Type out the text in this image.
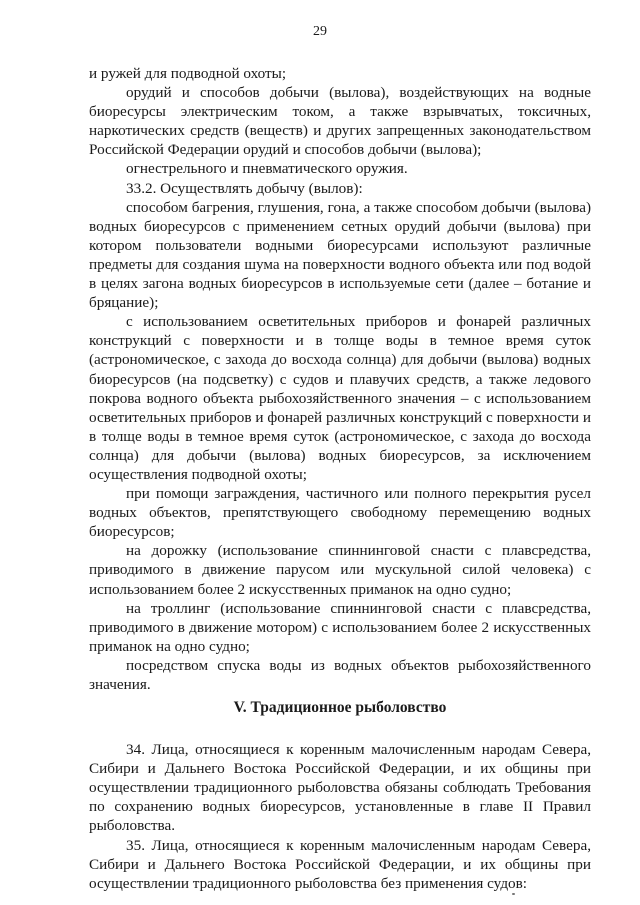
29

и ружей для подводной охоты;

орудий и способов добычи (вылова), воздействующих на водные биоресурсы электрическим током, а также взрывчатых, токсичных, наркотических средств (веществ) и других запрещенных законодательством Российской Федерации орудий и способов добычи (вылова);

огнестрельного и пневматического оружия.

33.2. Осуществлять добычу (вылов):

способом багрения, глушения, гона, а также способом добычи (вылова) водных биоресурсов с применением сетных орудий добычи (вылова) при котором пользователи водными биоресурсами используют различные предметы для создания шума на поверхности водного объекта или под водой в целях загона водных биоресурсов в используемые сети (далее – ботание и бряцание);

с использованием осветительных приборов и фонарей различных конструкций с поверхности и в толще воды в темное время суток (астрономическое, с захода до восхода солнца) для добычи (вылова) водных биоресурсов (на подсветку) с судов и плавучих средств, а также ледового покрова водного объекта рыбохозяйственного значения – с использованием осветительных приборов и фонарей различных конструкций с поверхности и в толще воды в темное время суток (астрономическое, с захода до восхода солнца) для добычи (вылова) водных биоресурсов, за исключением осуществления подводной охоты;

при помощи заграждения, частичного или полного перекрытия русел водных объектов, препятствующего свободному перемещению водных биоресурсов;

на дорожку (использование спиннинговой снасти с плавсредства, приводимого в движение парусом или мускульной силой человека) с использованием более 2 искусственных приманок на одно судно;

на троллинг (использование спиннинговой снасти с плавсредства, приводимого в движение мотором) с использованием более 2 искусственных приманок на одно судно;

посредством спуска воды из водных объектов рыбохозяйственного значения.

V. Традиционное рыболовство

34. Лица, относящиеся к коренным малочисленным народам Севера, Сибири и Дальнего Востока Российской Федерации, и их общины при осуществлении традиционного рыболовства обязаны соблюдать Требования по сохранению водных биоресурсов, установленные в главе II Правил рыболовства.

35. Лица, относящиеся к коренным малочисленным народам Севера, Сибири и Дальнего Востока Российской Федерации, и их общины при осуществлении традиционного рыболовства без применения судов:
